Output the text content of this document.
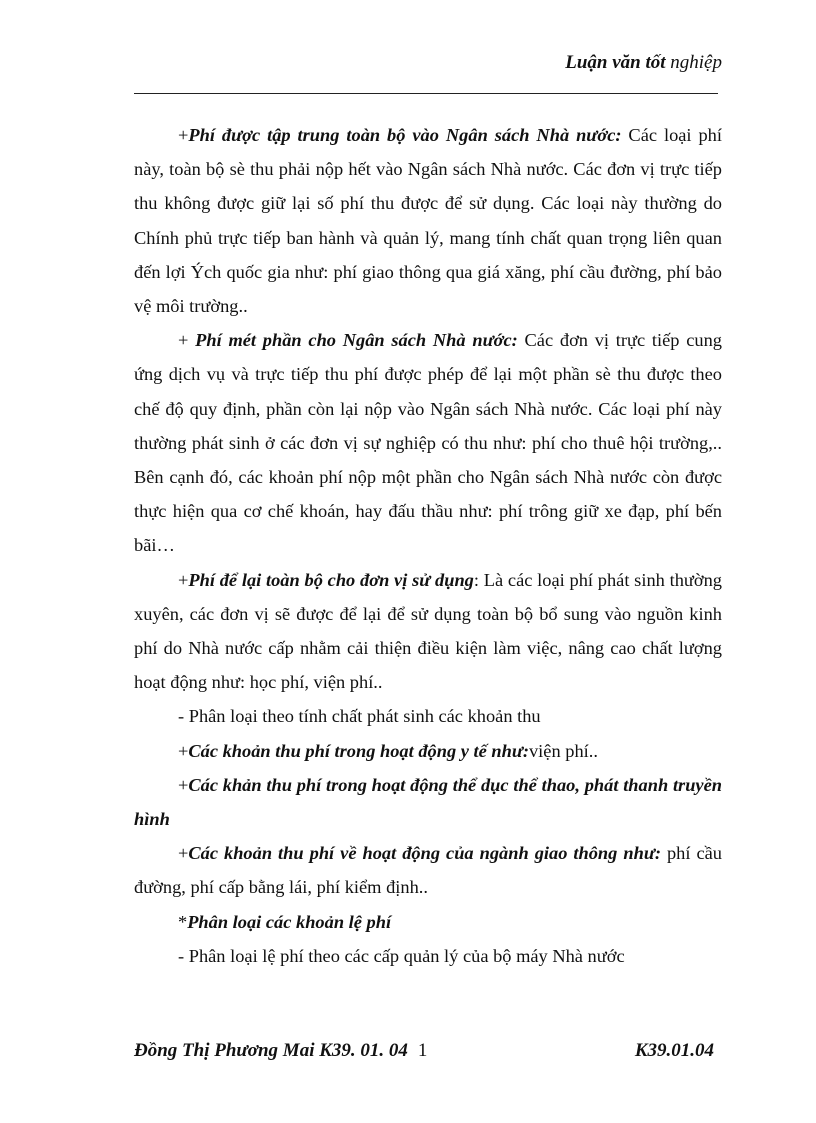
Luận văn tốt nghiệp

+Phí được tập trung toàn bộ vào Ngân sách Nhà nước: Các loại phí này, toàn bộ sè thu phải nộp hết vào Ngân sách Nhà nước. Các đơn vị trực tiếp thu không được giữ lại số phí thu được để sử dụng. Các loại này thường do Chính phủ trực tiếp ban hành và quản lý, mang tính chất quan trọng liên quan đến lợi Ých quốc gia như: phí giao thông qua giá xăng, phí cầu đường, phí bảo vệ môi trường..

+ Phí mét phần cho Ngân sách Nhà nước: Các đơn vị trực tiếp cung ứng dịch vụ và trực tiếp thu phí được phép để lại một phần sè thu được theo chế độ quy định, phần còn lại nộp vào Ngân sách Nhà nước. Các loại phí này thường phát sinh ở các đơn vị sự nghiệp có thu như: phí cho thuê hội trường,.. Bên cạnh đó, các khoản phí nộp một phần cho Ngân sách Nhà nước còn được thực hiện qua cơ chế khoán, hay đấu thầu như: phí trông giữ xe đạp, phí bến bãi…

+Phí để lại toàn bộ cho đơn vị sử dụng: Là các loại phí phát sinh thường xuyên, các đơn vị sẽ được để lại để sử dụng toàn bộ bổ sung vào nguồn kinh phí do Nhà nước cấp nhằm cải thiện điều kiện làm việc, nâng cao chất lượng hoạt động như: học phí, viện phí..

- Phân loại theo tính chất phát sinh các khoản thu

+Các khoản thu phí trong hoạt động y tế như:viện phí..

+Các khản thu phí trong hoạt động thể dục thể thao, phát thanh truyền hình

+Các khoản thu phí về hoạt động của ngành giao thông như: phí cầu đường, phí cấp bằng lái, phí kiểm định..

*Phân loại các khoản lệ phí

- Phân loại lệ phí theo các cấp quản lý của bộ máy Nhà nước

Đồng Thị Phương Mai K39. 01. 04 1	K39.01.04
